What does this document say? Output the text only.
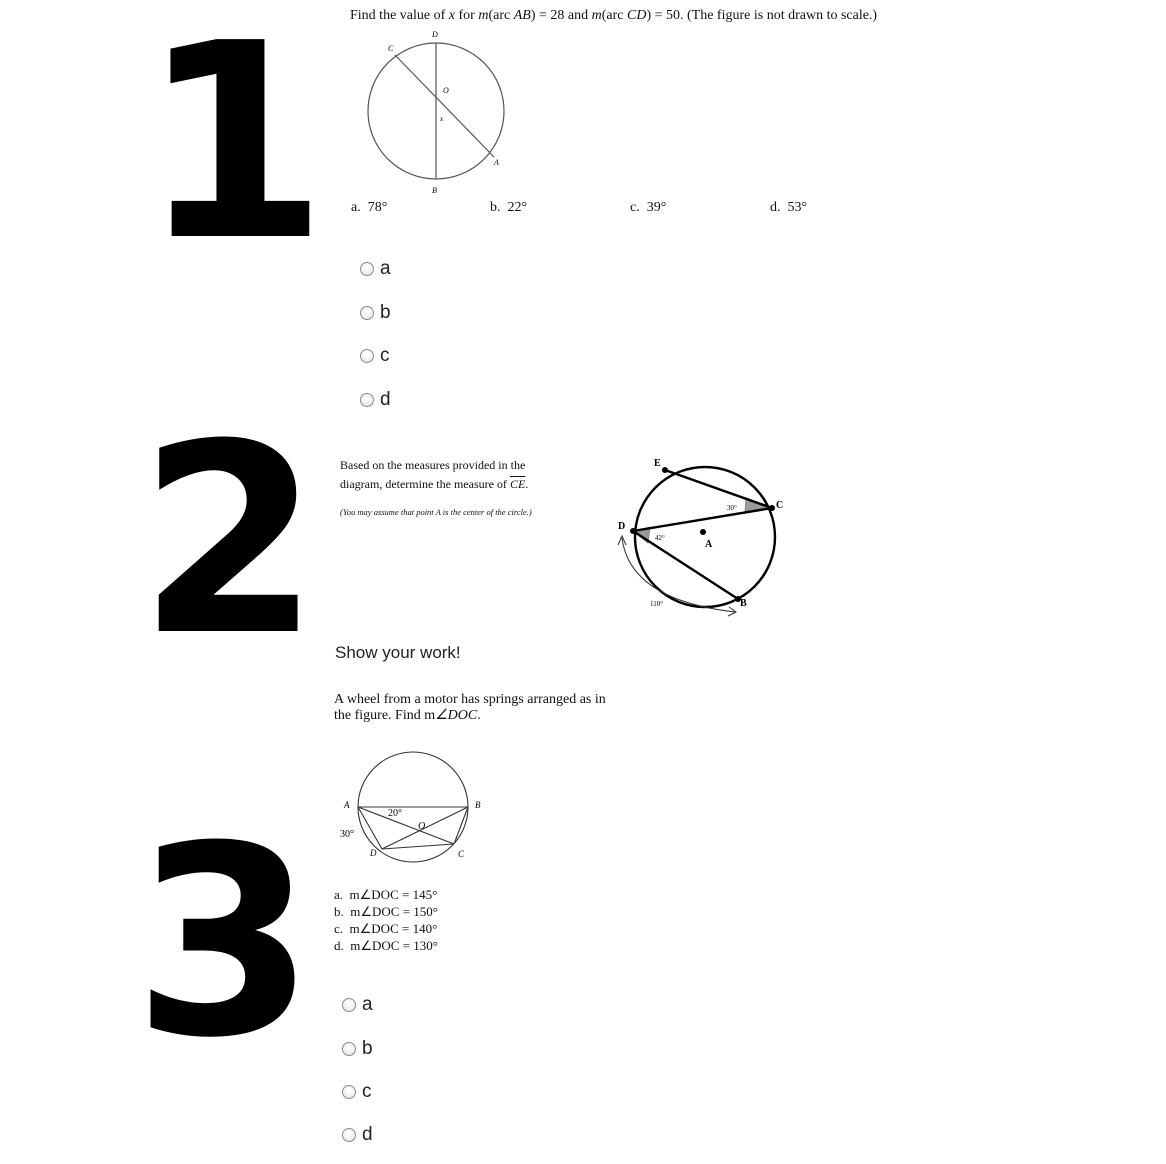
1
2
3
Find the value of x for m(arc AB) = 28 and m(arc CD) = 50. (The figure is not drawn to scale.)
D
C
O
x
A
B
a. 78°	b. 22°	c. 39°	d. 53°
a
b
c
d
Based on the measures provided in the
diagram, determine the measure of $\overline{CE}$.
(You may assume that point A is the center of the circle.)
E
C
D
A
B
30°
42°
110°
Show your work!
A wheel from a motor has springs arranged as in
the figure. Find m∠DOC.
A	B
O
D	C
20°
30°
a. m∠DOC = 145°
b. m∠DOC = 150°
c. m∠DOC = 140°
d. m∠DOC = 130°
a
b
c
d
